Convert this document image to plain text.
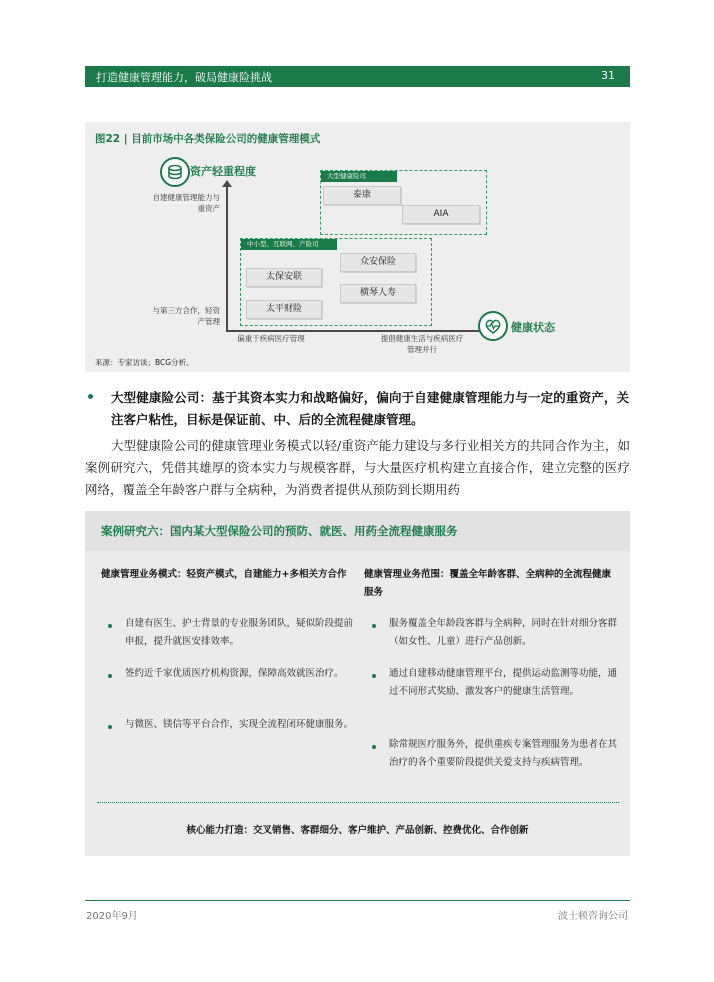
打造健康管理能力，破局健康险挑战	31
图22 | 目前市场中各类保险公司的健康管理模式
资产轻重程度
自建健康管理能力与重资产
与第三方合作，轻资产管理
偏重于疾病医疗管理	提倡健康生活与疾病医疗管理并行
健康状态
大型健康险司
泰康
AIA
中小型、互联网、产险司
太保安联
众安保险
横琴人寿
太平财险
来源：专家访谈；BCG分析。
大型健康险公司：基于其资本实力和战略偏好，偏向于自建健康管理能力与一定的重资产，关注客户粘性，目标是保证前、中、后的全流程健康管理。
大型健康险公司的健康管理业务模式以轻/重资产能力建设与多行业相关方的共同合作为主，如案例研究六，凭借其雄厚的资本实力与规模客群，与大量医疗机构建立直接合作，建立完整的医疗网络，覆盖全年龄客户群与全病种，为消费者提供从预防到长期用药
案例研究六：国内某大型保险公司的预防、就医、用药全流程健康服务
健康管理业务模式：轻资产模式，自建能力+多相关方合作	健康管理业务范围：覆盖全年龄客群、全病种的全流程健康服务
自建有医生、护士背景的专业服务团队，疑似阶段提前申报，提升就医安排效率。
签约近千家优质医疗机构资源，保障高效就医治疗。
与微医、镁信等平台合作，实现全流程闭环健康服务。
服务覆盖全年龄段客群与全病种，同时在针对细分客群（如女性、儿童）进行产品创新。
通过自建移动健康管理平台，提供运动监测等功能，通过不同形式奖励、激发客户的健康生活管理。
除常规医疗服务外，提供重疾专案管理服务为患者在其治疗的各个重要阶段提供关爱支持与疾病管理。
核心能力打造：交叉销售、客群细分、客户维护、产品创新、控费优化、合作创新
2020年9月	波士顿咨询公司
